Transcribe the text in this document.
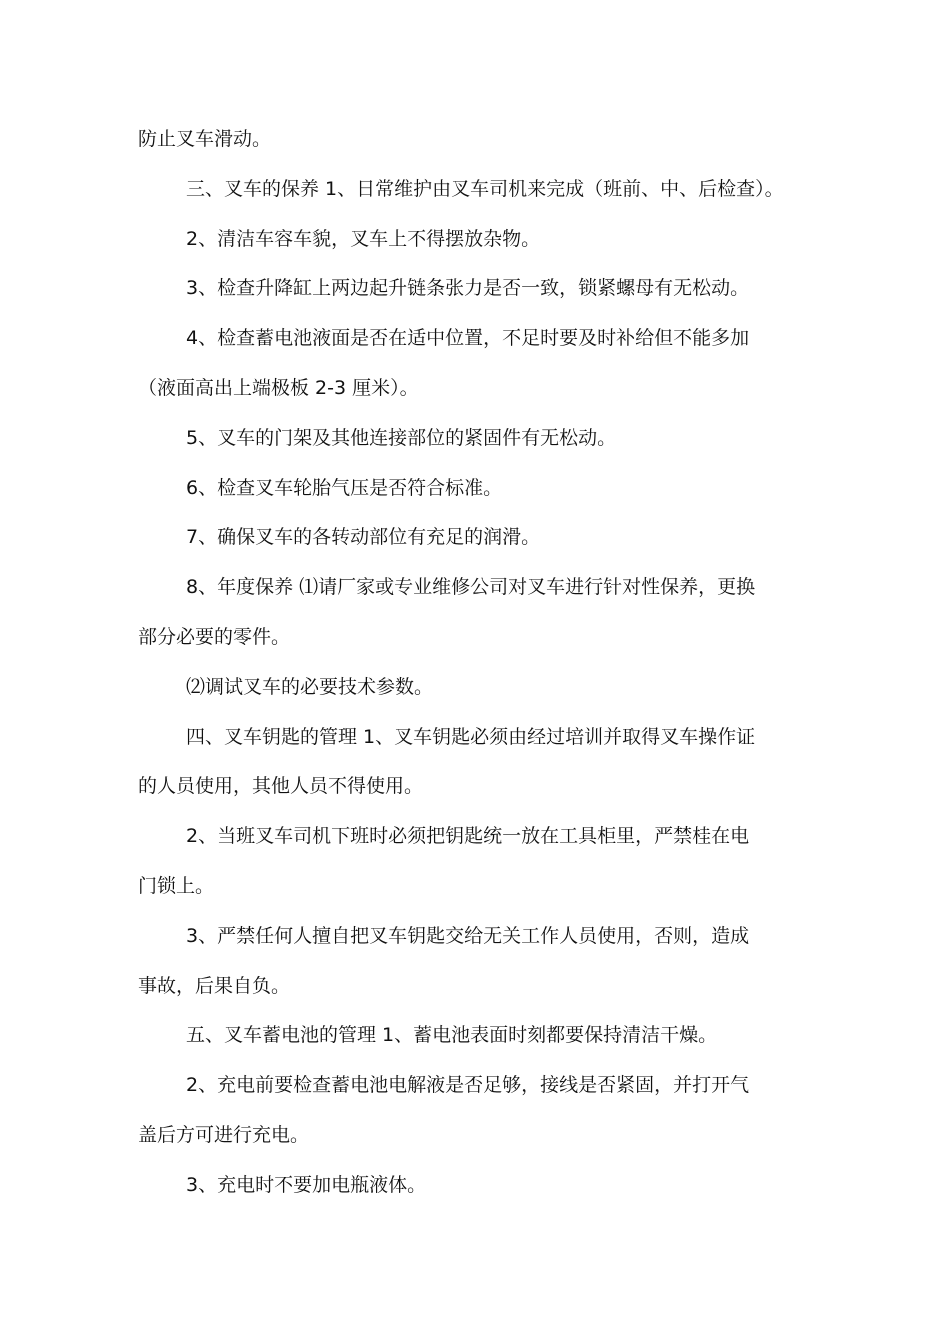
防止叉车滑动。

三、叉车的保养 1、日常维护由叉车司机来完成（班前、中、后检查）。

2、清洁车容车貌，叉车上不得摆放杂物。

3、检查升降缸上两边起升链条张力是否一致，锁紧螺母有无松动。

4、检查蓄电池液面是否在适中位置，不足时要及时补给但不能多加

（液面高出上端极板 2-3 厘米）。

5、叉车的门架及其他连接部位的紧固件有无松动。

6、检查叉车轮胎气压是否符合标准。

7、确保叉车的各转动部位有充足的润滑。

8、年度保养 ⑴请厂家或专业维修公司对叉车进行针对性保养，更换

部分必要的零件。

⑵调试叉车的必要技术参数。

四、叉车钥匙的管理 1、叉车钥匙必须由经过培训并取得叉车操作证

的人员使用，其他人员不得使用。

2、当班叉车司机下班时必须把钥匙统一放在工具柜里，严禁桂在电

门锁上。

3、严禁任何人擅自把叉车钥匙交给无关工作人员使用，否则，造成

事故，后果自负。

五、叉车蓄电池的管理 1、蓄电池表面时刻都要保持清洁干燥。

2、充电前要检查蓄电池电解液是否足够，接线是否紧固，并打开气

盖后方可进行充电。

3、充电时不要加电瓶液体。
